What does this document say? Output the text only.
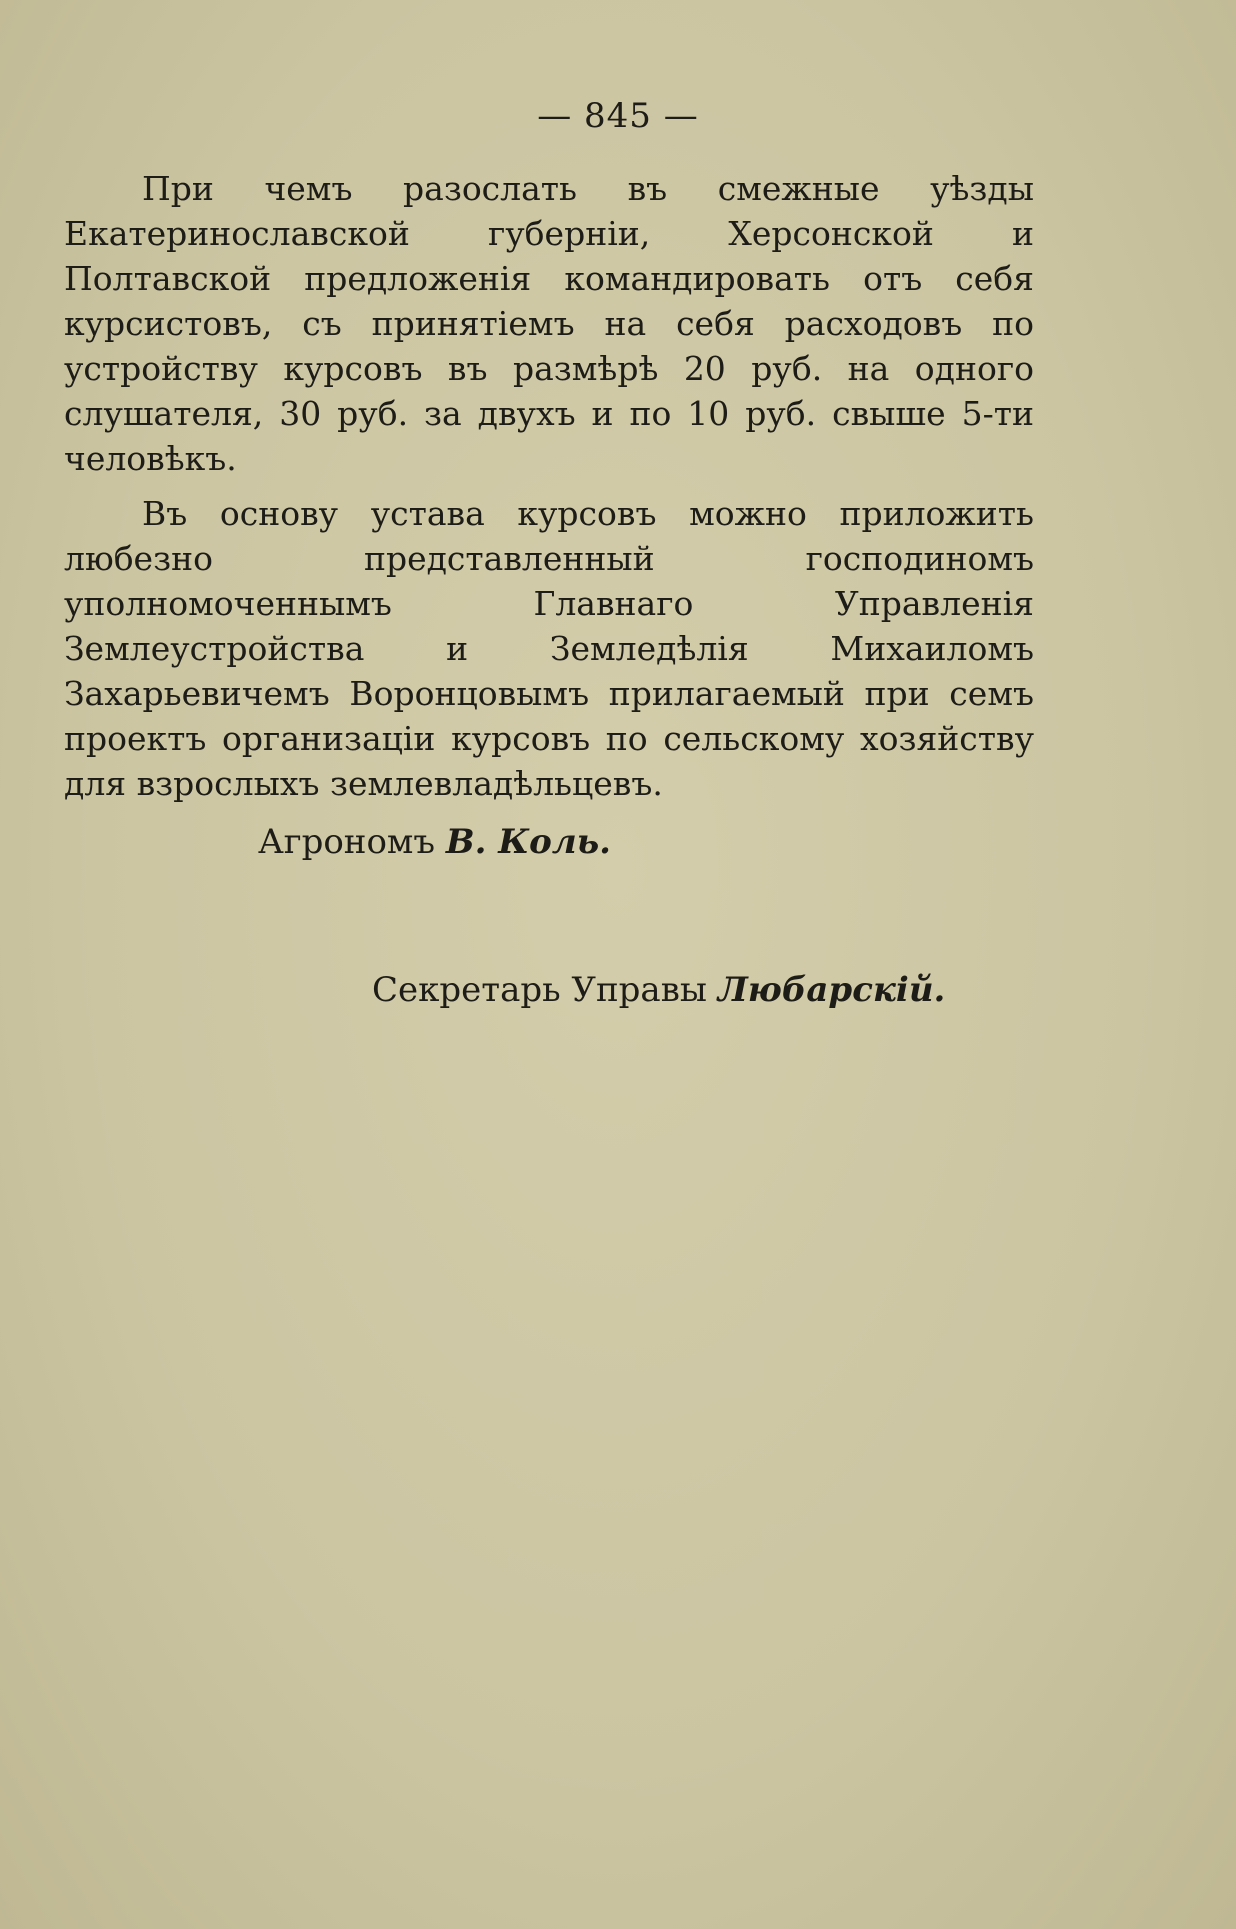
— 845 —

При чемъ разослать въ смежные уѣзды Екатеринославской губерніи, Херсонской и Полтавской предложенія командировать отъ себя курсистовъ, съ принятіемъ на себя расходовъ по устройству курсовъ въ размѣрѣ 20 руб. на одного слушателя, 30 руб. за двухъ и по 10 руб. свыше 5-ти человѣкъ.

Въ основу устава курсовъ можно приложить любезно представленный господиномъ уполномоченнымъ Главнаго Управленія Землеустройства и Земледѣлія Михаиломъ Захарьевичемъ Воронцовымъ прилагаемый при семъ проектъ организаціи курсовъ по сельскому хозяйству для взрослыхъ землевладѣльцевъ.

Агрономъ В. Коль.
Секретарь Управы Любарскій.
